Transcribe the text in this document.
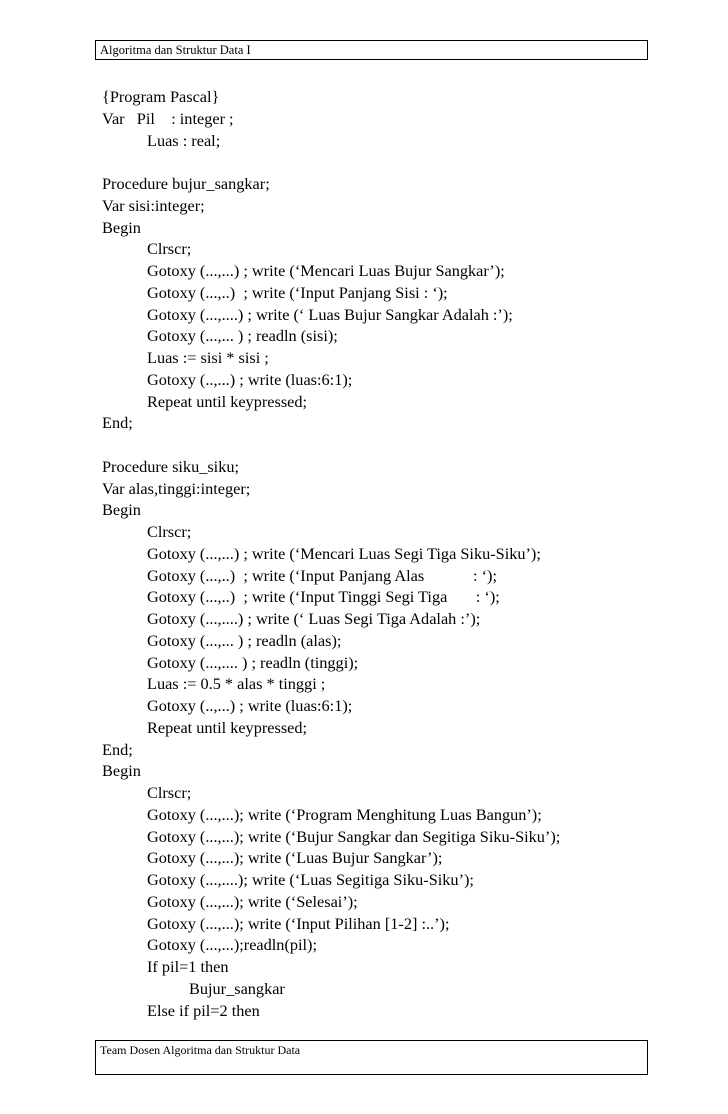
Algoritma dan Struktur Data I
{Program Pascal}
Var   Pil    : integer ;
Luas : real;
Procedure bujur_sangkar;
Var sisi:integer;
Begin
Clrscr;
Gotoxy (...,...) ; write (‘Mencari Luas Bujur Sangkar’);
Gotoxy (...,..)  ; write (‘Input Panjang Sisi : ‘);
Gotoxy (...,....) ; write (‘ Luas Bujur Sangkar Adalah :’);
Gotoxy (...,... ) ; readln (sisi);
Luas := sisi * sisi ;
Gotoxy (..,...) ; write (luas:6:1);
Repeat until keypressed;
End;
Procedure siku_siku;
Var alas,tinggi:integer;
Begin
Clrscr;
Gotoxy (...,...) ; write (‘Mencari Luas Segi Tiga Siku-Siku’);
Gotoxy (...,..)  ; write (‘Input Panjang Alas            : ‘);
Gotoxy (...,..)  ; write (‘Input Tinggi Segi Tiga       : ‘);
Gotoxy (...,....) ; write (‘ Luas Segi Tiga Adalah :’);
Gotoxy (...,... ) ; readln (alas);
Gotoxy (...,.... ) ; readln (tinggi);
Luas := 0.5 * alas * tinggi ;
Gotoxy (..,...) ; write (luas:6:1);
Repeat until keypressed;
End;
Begin
Clrscr;
Gotoxy (...,...); write (‘Program Menghitung Luas Bangun’);
Gotoxy (...,...); write (‘Bujur Sangkar dan Segitiga Siku-Siku’);
Gotoxy (...,...); write (‘Luas Bujur Sangkar’);
Gotoxy (...,....); write (‘Luas Segitiga Siku-Siku’);
Gotoxy (...,...); write (‘Selesai’);
Gotoxy (...,...); write (‘Input Pilihan [1-2] :..’);
Gotoxy (...,...);readln(pil);
If pil=1 then
Bujur_sangkar
Else if pil=2 then
Team Dosen Algoritma dan Struktur Data
